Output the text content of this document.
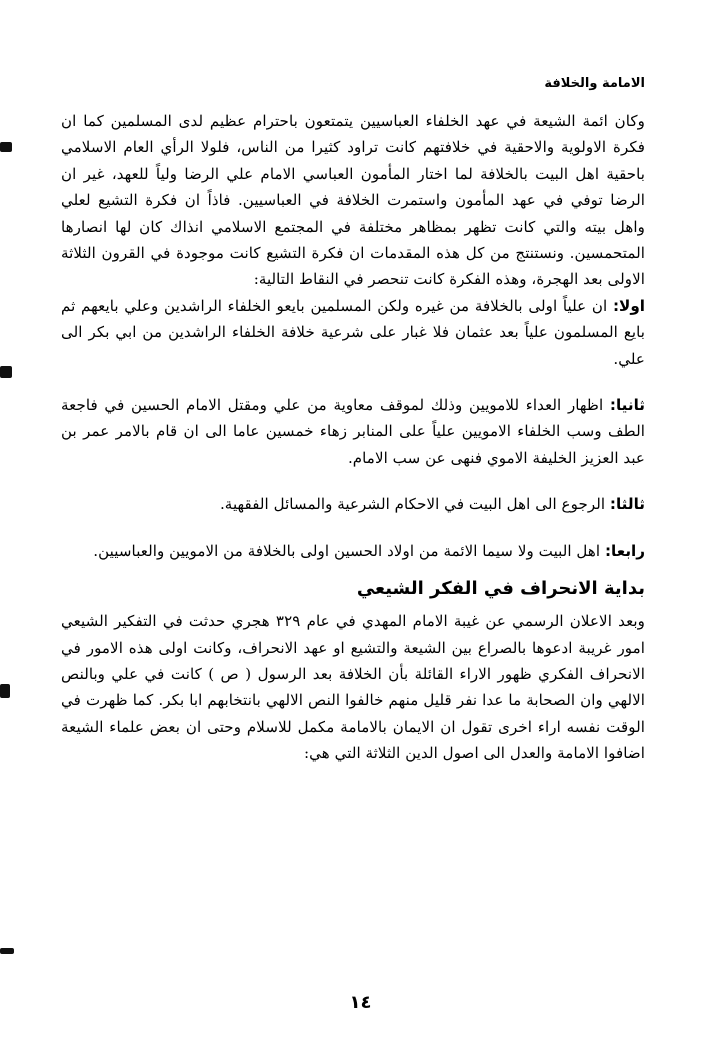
الامامة والخلافة

وكان ائمة الشيعة في عهد الخلفاء العباسيين يتمتعون باحترام عظيم لدى المسلمين كما ان فكرة الاولوية والاحقية في خلافتهم كانت تراود كثيرا من الناس، فلولا الرأي العام الاسلامي باحقية اهل البيت بالخلافة لما اختار المأمون العباسي الامام علي الرضا ولياً للعهد، غير ان الرضا توفي في عهد المأمون واستمرت الخلافة في العباسيين. فاذاً ان فكرة التشيع لعلي واهل بيته والتي كانت تظهر بمظاهر مختلفة في المجتمع الاسلامي انذاك كان لها انصارها المتحمسين. ونستنتج من كل هذه المقدمات ان فكرة التشيع كانت موجودة في القرون الثلاثة الاولى بعد الهجرة، وهذه الفكرة كانت تنحصر في النقاط التالية:

اولا: ان علياً اولى بالخلافة من غيره ولكن المسلمين بايعو الخلفاء الراشدين وعلي بايعهم ثم بايع المسلمون علياً بعد عثمان فلا غبار على شرعية خلافة الخلفاء الراشدين من ابي بكر الى علي.

ثانيا: اظهار العداء للامويين وذلك لموقف معاوية من علي ومقتل الامام الحسين في فاجعة الطف وسب الخلفاء الامويين علياً على المنابر زهاء خمسين عاما الى ان قام بالامر عمر بن عبد العزيز الخليفة الاموي فنهى عن سب الامام.

ثالثا: الرجوع الى اهل البيت في الاحكام الشرعية والمسائل الفقهية.

رابعا: اهل البيت ولا سيما الائمة من اولاد الحسين اولى بالخلافة من الامويين والعباسيين.

بداية الانحراف في الفكر الشيعي

وبعد الاعلان الرسمي عن غيبة الامام المهدي في عام ٣٢٩ هجري حدثت في التفكير الشيعي امور غريبة ادعوها بالصراع بين الشيعة والتشيع او عهد الانحراف، وكانت اولى هذه الامور في الانحراف الفكري ظهور الاراء القائلة بأن الخلافة بعد الرسول ( ص ) كانت في علي وبالنص الالهي وان الصحابة ما عدا نفر قليل منهم خالفوا النص الالهي بانتخابهم ابا بكر. كما ظهرت في الوقت نفسه اراء اخرى تقول ان الايمان بالامامة مكمل للاسلام وحتى ان بعض علماء الشيعة اضافوا الامامة والعدل الى اصول الدين الثلاثة التي هي:

١٤
